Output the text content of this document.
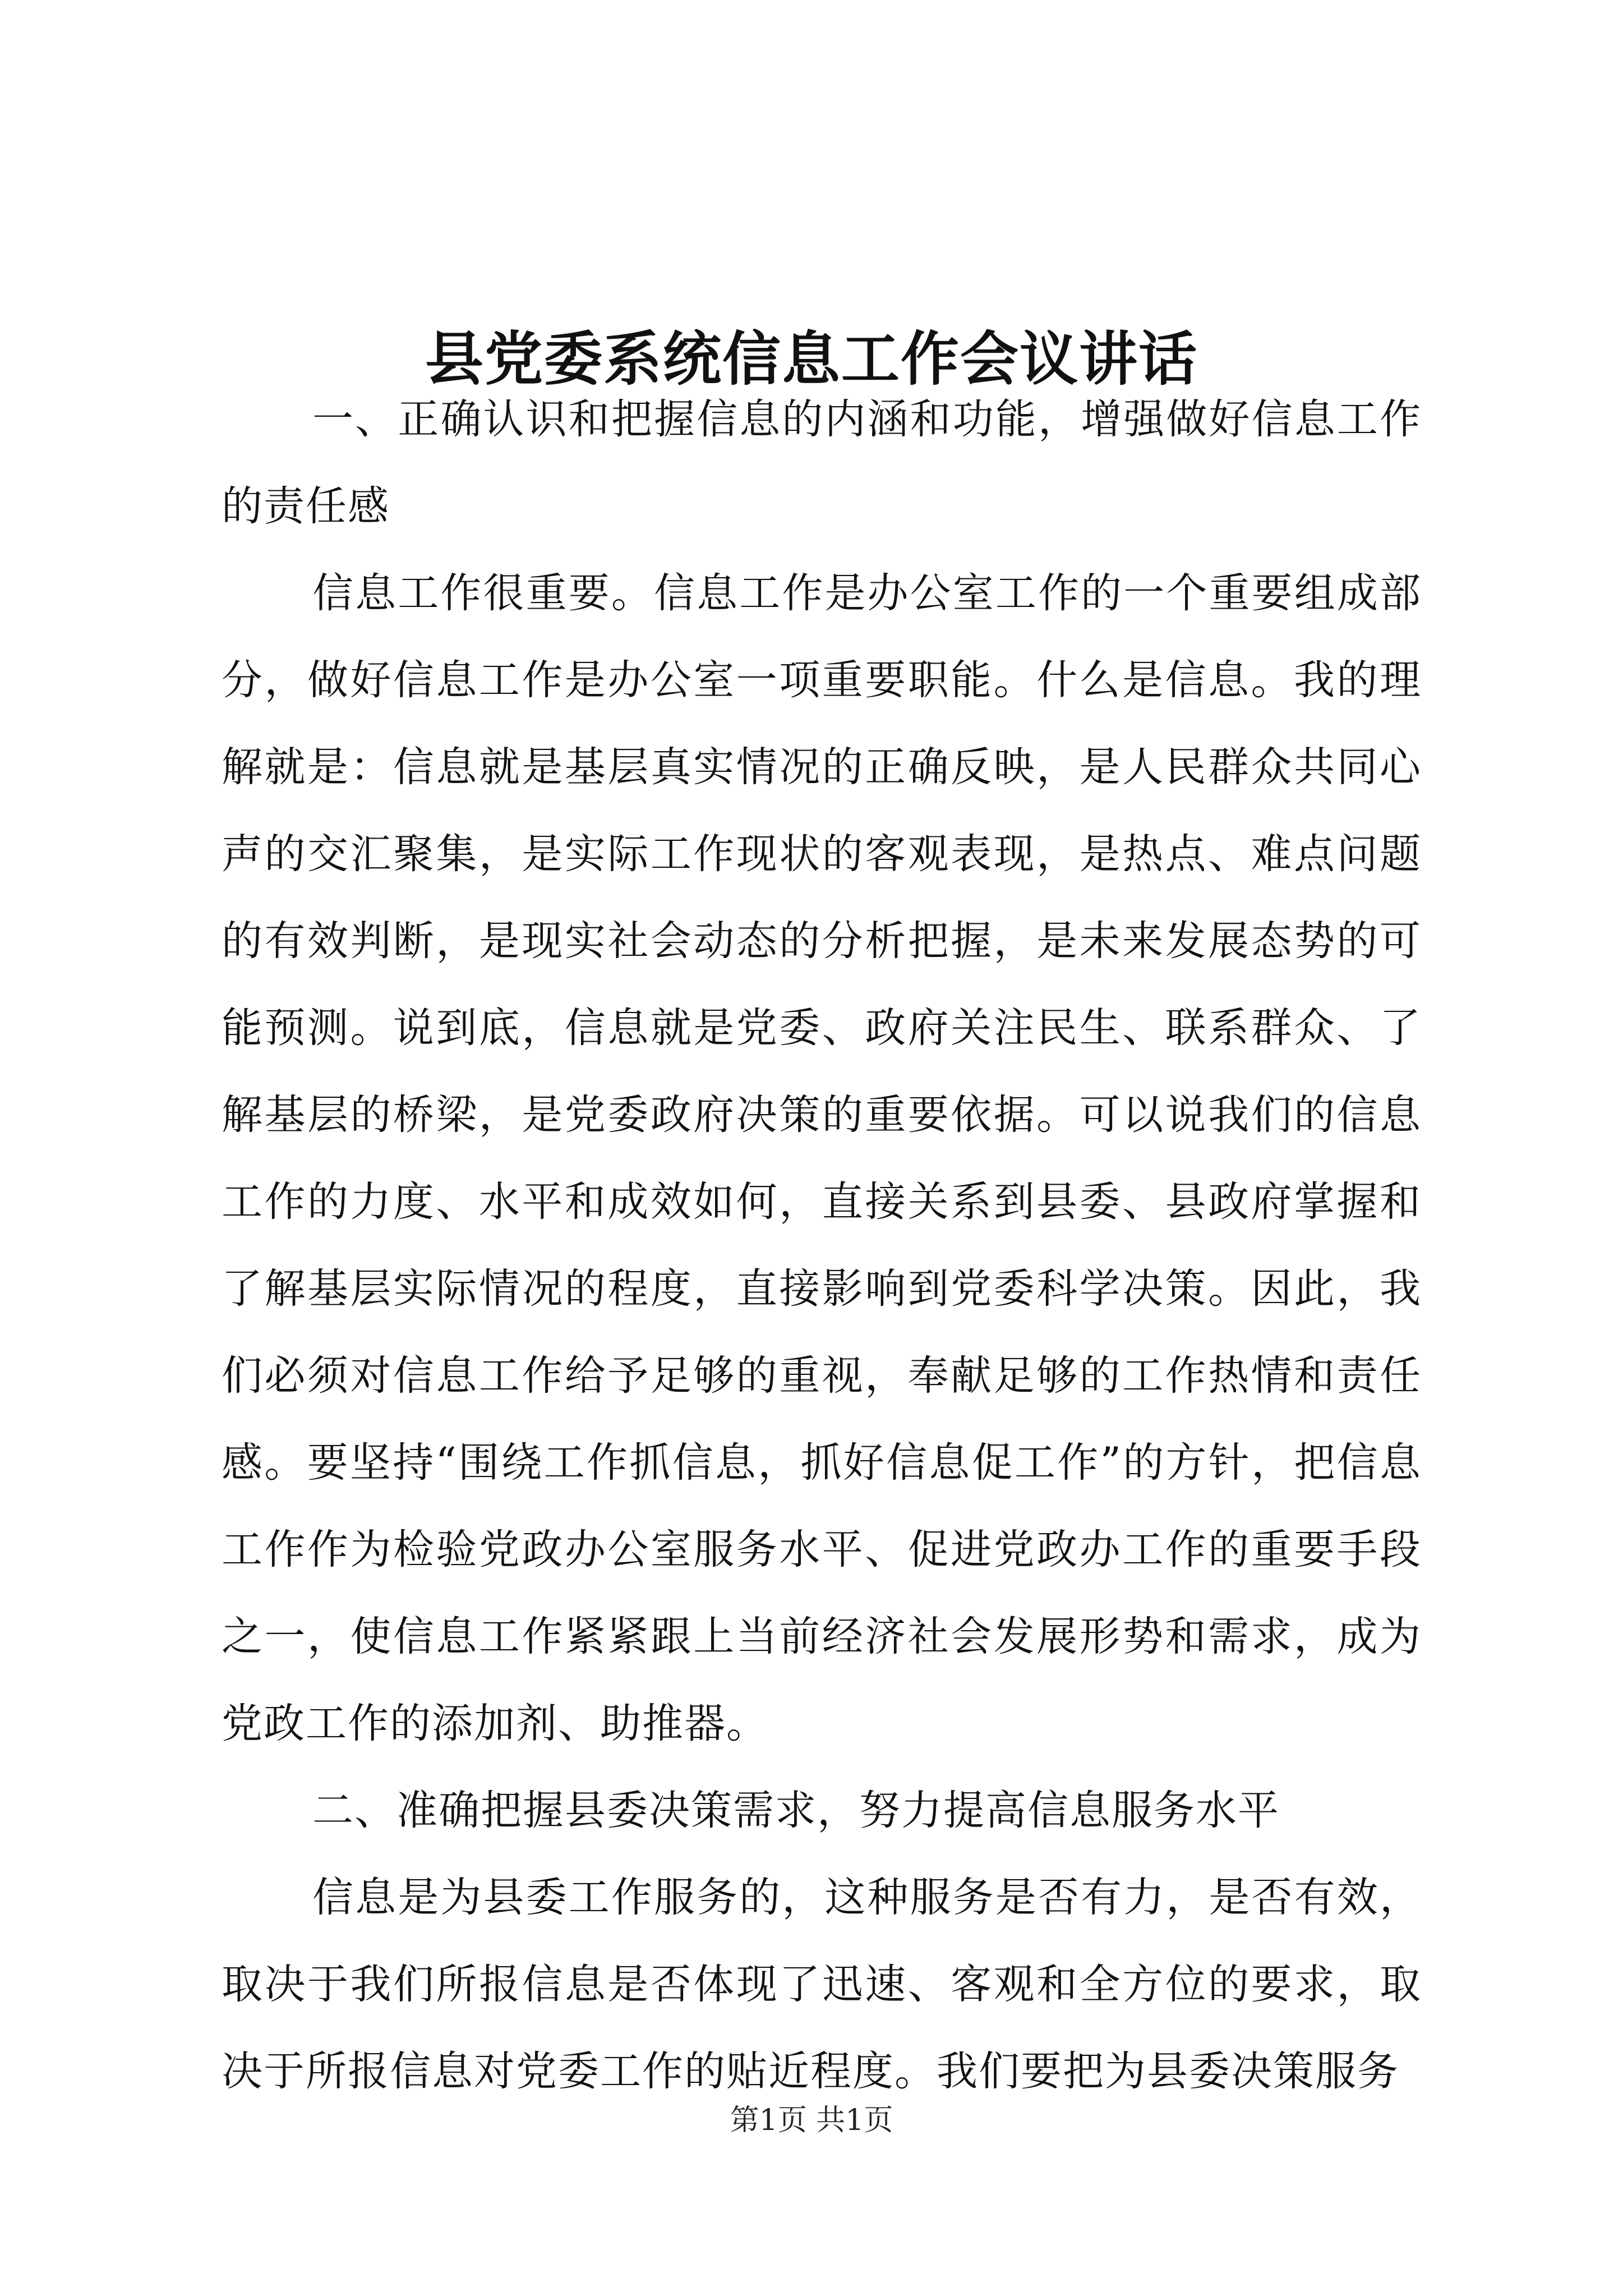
县党委系统信息工作会议讲话

一、正确认识和把握信息的内涵和功能，增强做好信息工作的责任感

信息工作很重要。信息工作是办公室工作的一个重要组成部分，做好信息工作是办公室一项重要职能。什么是信息。我的理解就是：信息就是基层真实情况的正确反映，是人民群众共同心声的交汇聚集，是实际工作现状的客观表现，是热点、难点问题的有效判断，是现实社会动态的分析把握，是未来发展态势的可能预测。说到底，信息就是党委、政府关注民生、联系群众、了解基层的桥梁，是党委政府决策的重要依据。可以说我们的信息工作的力度、水平和成效如何，直接关系到县委、县政府掌握和了解基层实际情况的程度，直接影响到党委科学决策。因此，我们必须对信息工作给予足够的重视，奉献足够的工作热情和责任感。要坚持“围绕工作抓信息，抓好信息促工作”的方针，把信息工作作为检验党政办公室服务水平、促进党政办工作的重要手段之一，使信息工作紧紧跟上当前经济社会发展形势和需求，成为党政工作的添加剂、助推器。

二、准确把握县委决策需求，努力提高信息服务水平

信息是为县委工作服务的，这种服务是否有力，是否有效，取决于我们所报信息是否体现了迅速、客观和全方位的要求，取决于所报信息对党委工作的贴近程度。我们要把为县委决策服务

第1页 共1页
